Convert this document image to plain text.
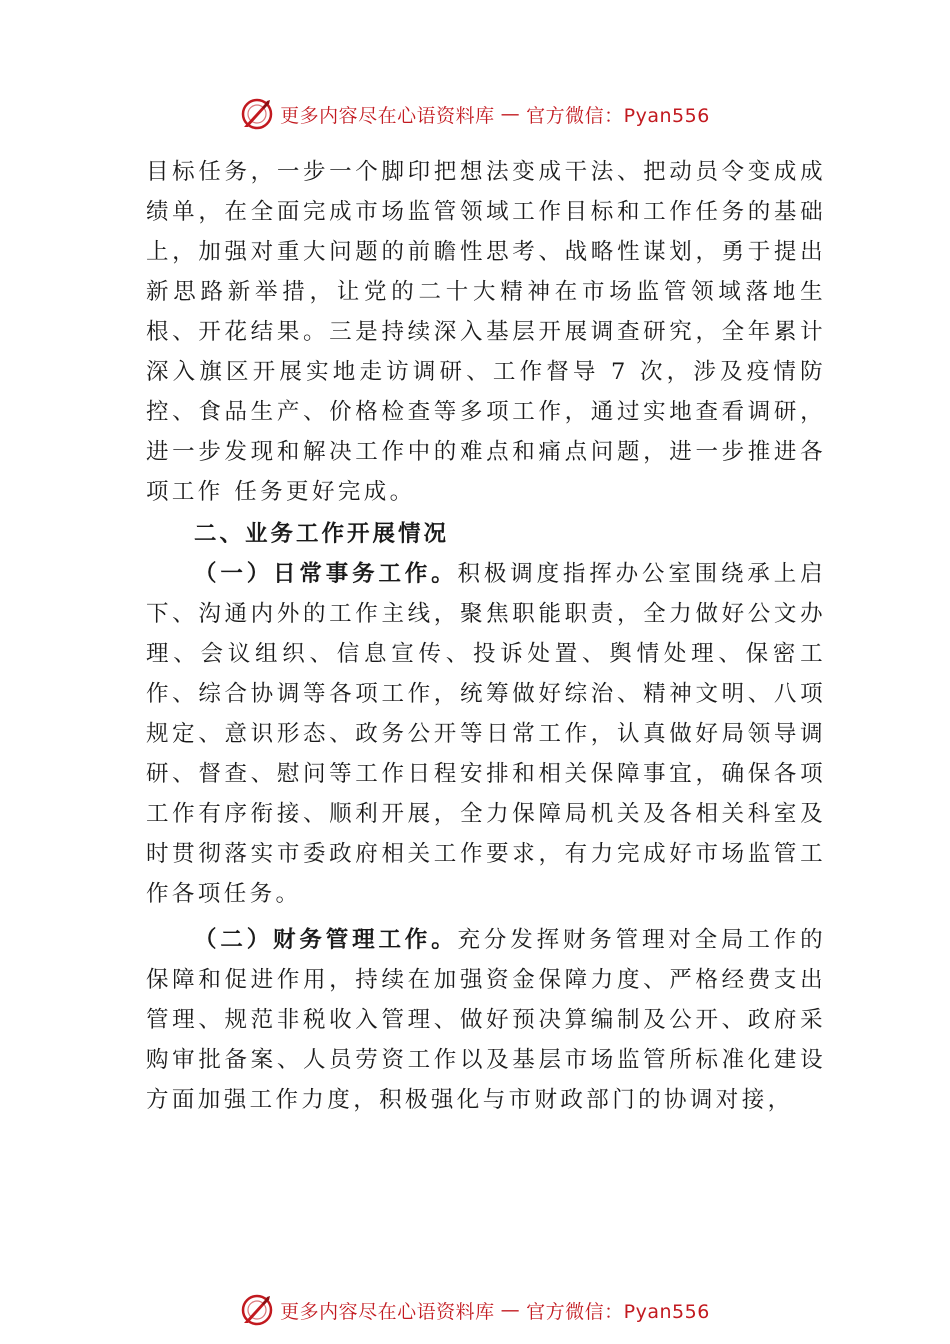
更多内容尽在心语资料库 — 官方微信：Pyan556

目标任务，一步一个脚印把想法变成干法、把动员令变成成绩单，在全面完成市场监管领域工作目标和工作任务的基础上，加强对重大问题的前瞻性思考、战略性谋划，勇于提出新思路新举措，让党的二十大精神在市场监管领域落地生根、开花结果。三是持续深入基层开展调查研究，全年累计深入旗区开展实地走访调研、工作督导 7 次，涉及疫情防控、食品生产、价格检查等多项工作，通过实地查看调研，进一步发现和解决工作中的难点和痛点问题，进一步推进各项工作 任务更好完成。

二、业务工作开展情况

（一）日常事务工作。积极调度指挥办公室围绕承上启下、沟通内外的工作主线，聚焦职能职责，全力做好公文办理、会议组织、信息宣传、投诉处置、舆情处理、保密工作、综合协调等各项工作，统筹做好综治、精神文明、八项规定、意识形态、政务公开等日常工作，认真做好局领导调研、督查、慰问等工作日程安排和相关保障事宜，确保各项工作有序衔接、顺利开展，全力保障局机关及各相关科室及时贯彻落实市委政府相关工作要求，有力完成好市场监管工作各项任务。

（二）财务管理工作。充分发挥财务管理对全局工作的保障和促进作用，持续在加强资金保障力度、严格经费支出管理、规范非税收入管理、做好预决算编制及公开、政府采购审批备案、人员劳资工作以及基层市场监管所标准化建设方面加强工作力度，积极强化与市财政部门的协调对接，

更多内容尽在心语资料库 — 官方微信：Pyan556
